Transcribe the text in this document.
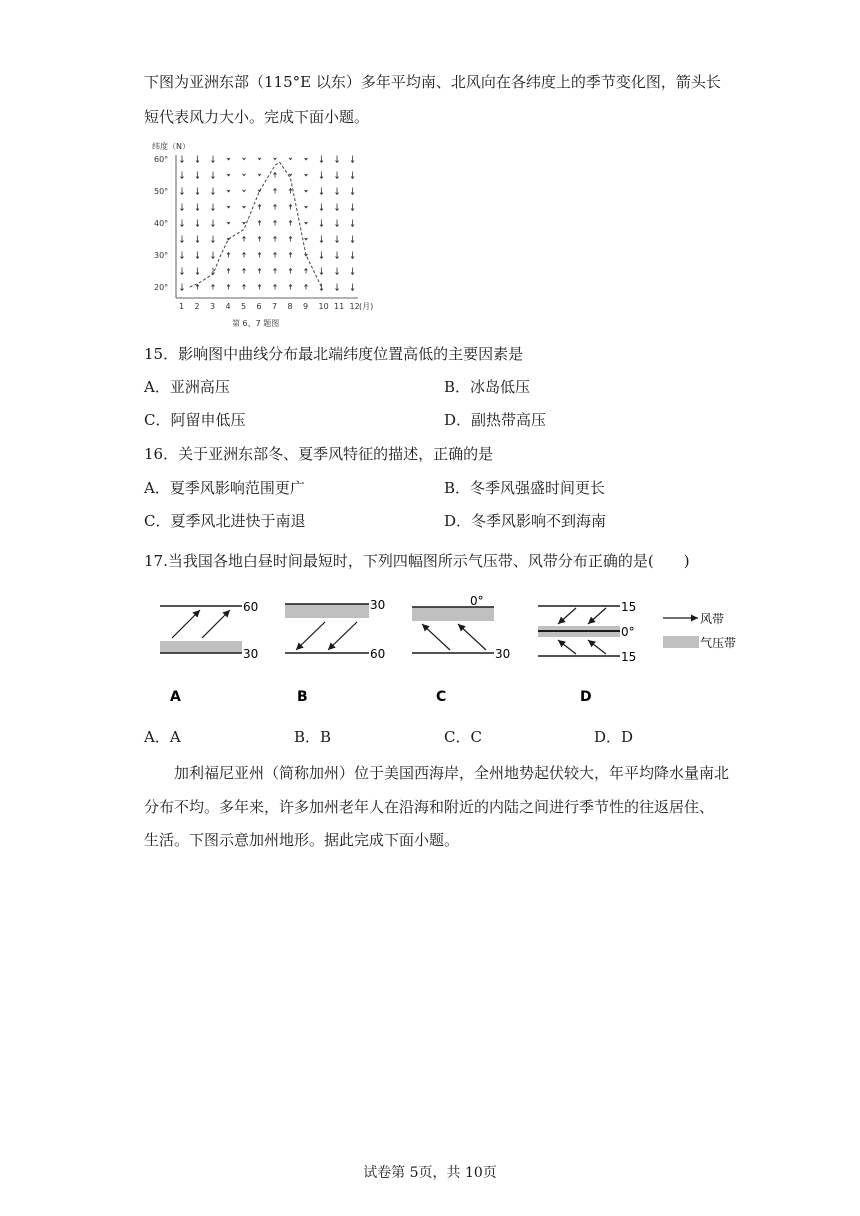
下图为亚洲东部（115°E 以东）多年平均南、北风向在各纬度上的季节变化图，箭头长
短代表风力大小。完成下面小题。
纬度（N）
60°
50°
40°
30°
20°
1 2 3 4 5 6 7 8 9 10 11 12 (月)
第 6、7 题图
15．影响图中曲线分布最北端纬度位置高低的主要因素是
A．亚洲高压	B．冰岛低压
C．阿留申低压	D．副热带高压
16．关于亚洲东部冬、夏季风特征的描述，正确的是
A．夏季风影响范围更广	B．冬季风强盛时间更长
C．夏季风北进快于南退	D．冬季风影响不到海南
17.当我国各地白昼时间最短时，下列四幅图所示气压带、风带分布正确的是(　　)
60
30
A
30
60
B
0°
30
C
15
0°
15
D
风带
气压带
A．A	B．B	C．C	D．D
加利福尼亚州（简称加州）位于美国西海岸，全州地势起伏较大，年平均降水量南北
分布不均。多年来，许多加州老年人在沿海和附近的内陆之间进行季节性的往返居住、
生活。下图示意加州地形。据此完成下面小题。
试卷第 5页，共 10页
